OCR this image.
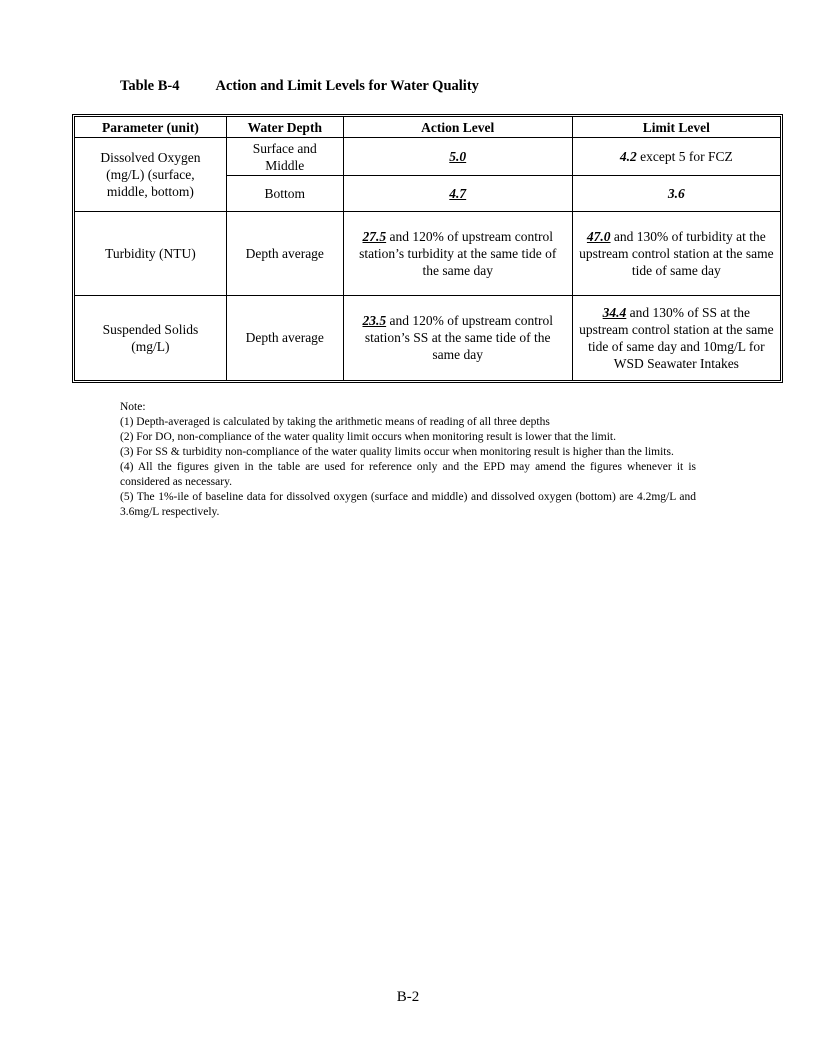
Table B-4 Action and Limit Levels for Water Quality
Parameter (unit)	Water Depth	Action Level	Limit Level
Dissolved Oxygen (mg/L) (surface, middle, bottom)	Surface and Middle	5.0	4.2 except 5 for FCZ
	Bottom	4.7	3.6
Turbidity (NTU)	Depth average	27.5 and 120% of upstream control station’s turbidity at the same tide of the same day	47.0 and 130% of turbidity at the upstream control station at the same tide of same day
Suspended Solids (mg/L)	Depth average	23.5 and 120% of upstream control station’s SS at the same tide of the same day	34.4 and 130% of SS at the upstream control station at the same tide of same day and 10mg/L for WSD Seawater Intakes

Note:

(1) Depth-averaged is calculated by taking the arithmetic means of reading of all three depths

(2) For DO, non-compliance of the water quality limit occurs when monitoring result is lower that the limit.

(3) For SS & turbidity non-compliance of the water quality limits occur when monitoring result is higher than the limits.

(4) All the figures given in the table are used for reference only and the EPD may amend the figures whenever it is considered as necessary.

(5) The 1%-ile of baseline data for dissolved oxygen (surface and middle) and dissolved oxygen (bottom) are 4.2mg/L and 3.6mg/L respectively.

B-2
